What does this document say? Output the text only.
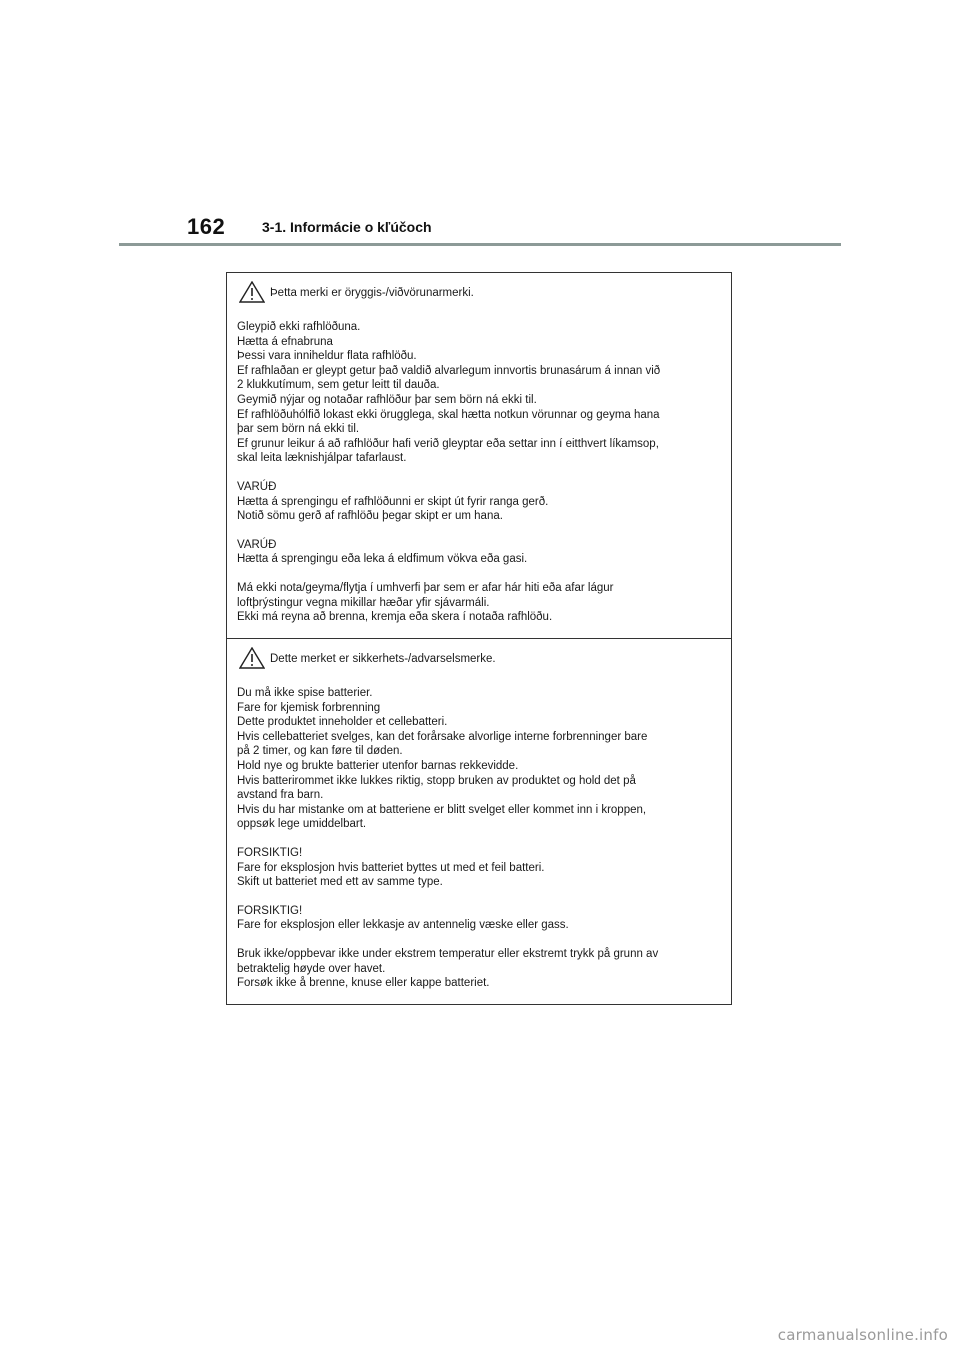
162	3-1. Informácie o kľúčoch
Þetta merki er öryggis-/viðvörunarmerki.

Gleypið ekki rafhlöðuna.
Hætta á efnabruna
Þessi vara inniheldur flata rafhlöðu.
Ef rafhlaðan er gleypt getur það valdið alvarlegum innvortis brunasárum á innan við
2 klukkutímum, sem getur leitt til dauða.
Geymið nýjar og notaðar rafhlöður þar sem börn ná ekki til.
Ef rafhlöðuhólfið lokast ekki örugglega, skal hætta notkun vörunnar og geyma hana
þar sem börn ná ekki til.
Ef grunur leikur á að rafhlöður hafi verið gleyptar eða settar inn í eitthvert líkamsop,
skal leita læknishjálpar tafarlaust.

VARÚÐ
Hætta á sprengingu ef rafhlöðunni er skipt út fyrir ranga gerð.
Notið sömu gerð af rafhlöðu þegar skipt er um hana.

VARÚÐ
Hætta á sprengingu eða leka á eldfimum vökva eða gasi.

Má ekki nota/geyma/flytja í umhverfi þar sem er afar hár hiti eða afar lágur
loftþrýstingur vegna mikillar hæðar yfir sjávarmáli.
Ekki má reyna að brenna, kremja eða skera í notaða rafhlöðu.

Dette merket er sikkerhets-/advarselsmerke.

Du må ikke spise batterier.
Fare for kjemisk forbrenning
Dette produktet inneholder et cellebatteri.
Hvis cellebatteriet svelges, kan det forårsake alvorlige interne forbrenninger bare
på 2 timer, og kan føre til døden.
Hold nye og brukte batterier utenfor barnas rekkevidde.
Hvis batterirommet ikke lukkes riktig, stopp bruken av produktet og hold det på
avstand fra barn.
Hvis du har mistanke om at batteriene er blitt svelget eller kommet inn i kroppen,
oppsøk lege umiddelbart.

FORSIKTIG!
Fare for eksplosjon hvis batteriet byttes ut med et feil batteri.
Skift ut batteriet med ett av samme type.

FORSIKTIG!
Fare for eksplosjon eller lekkasje av antennelig væske eller gass.

Bruk ikke/oppbevar ikke under ekstrem temperatur eller ekstremt trykk på grunn av
betraktelig høyde over havet.
Forsøk ikke å brenne, knuse eller kappe batteriet.

carmanualsonline.info
